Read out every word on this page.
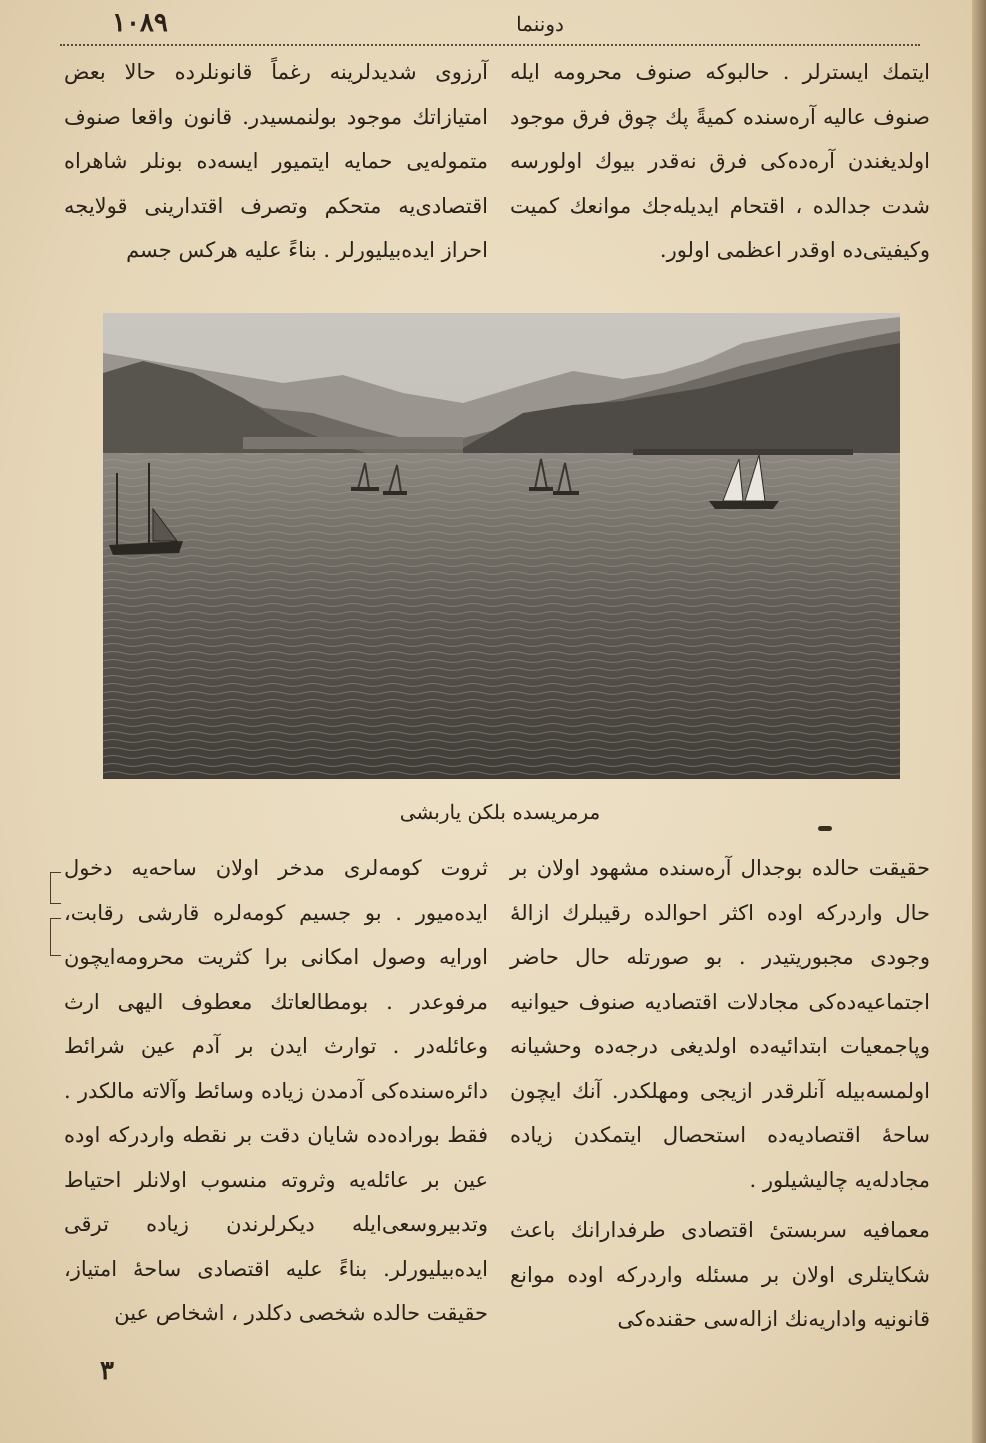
١٠٨٩	دوننما

ایتمك ایسترلر . حالبوكه صنوف محرومه ایله صنوف عالیه آره‌سنده كمیةً پك چوق فرق موجود اولدیغندن آره‌ده‌كی فرق نه‌قدر بیوك اولورسه شدت جدالده ، اقتحام ایدیله‌جك موانعك كمیت وكیفیتی‌ده اوقدر اعظمی اولور.

آرزوی شدیدلرینه رغماً قانونلرده حالا بعض امتیازاتك موجود بولنمسیدر. قانون واقعا صنوف متموله‌یی حمایه ایتمیور ایسه‌ده بونلر شاهراه اقتصادی‌یه متحکم وتصرف اقتدارینی قولایجه احراز ایده‌بیلیورلر . بناءً علیه هركس جسم

مرمریسده بلكن یاربشی

حقیقت حالده بوجدال آره‌سنده مشهود اولان بر حال واردركه اوده اكثر احوالده رقیبلرك ازالهٔ وجودی مجبوریتیدر . بو صورتله حال حاضر اجتماعیه‌ده‌كی مجادلات اقتصادیه صنوف حیوانیه وپاجمعیات ابتدائیه‌ده اولدیغی درجه‌ده وحشیانه اولمسه‌بیله آنلرقدر ازیجی ومهلكدر. آنك ایچون ساحهٔ اقتصادیه‌ده استحصال ایتمكدن زیاده مجادله‌یه چالیشیلور .

معمافیه سربستی‌ٔ اقتصادی طرفدارانك باعث شكایتلری اولان بر مسئله واردركه اوده موانع قانونیه واداریه‌نك ازاله‌سی حقنده‌كی

ثروت كومه‌لری مدخر اولان ساحه‌یه دخول ایده‌میور . بو جسیم كومه‌لره قارشی رقابت، اورایه وصول امكانی‌ برا كثریت محرومه‌ایچون مرفوعدر . بومطالعاتك معطوف الیهی ارث وعائله‌در . توارث ایدن بر آدم عین شرائط دائره‌سنده‌كی آدمدن زیاده وسائط وآلاته مالكدر . فقط بوراده‌ده شایان دقت بر نقطه واردركه اوده عین بر عائله‌یه وثروته منسوب اولانلر احتیاط وتدبیروسعی‌ایله دیكرلرندن زیاده ترقی ایده‌بیلیورلر. بناءً علیه اقتصادی ساحهٔ امتیاز، حقیقت حالده شخصی دكلدر ، اشخاص عین

٣
